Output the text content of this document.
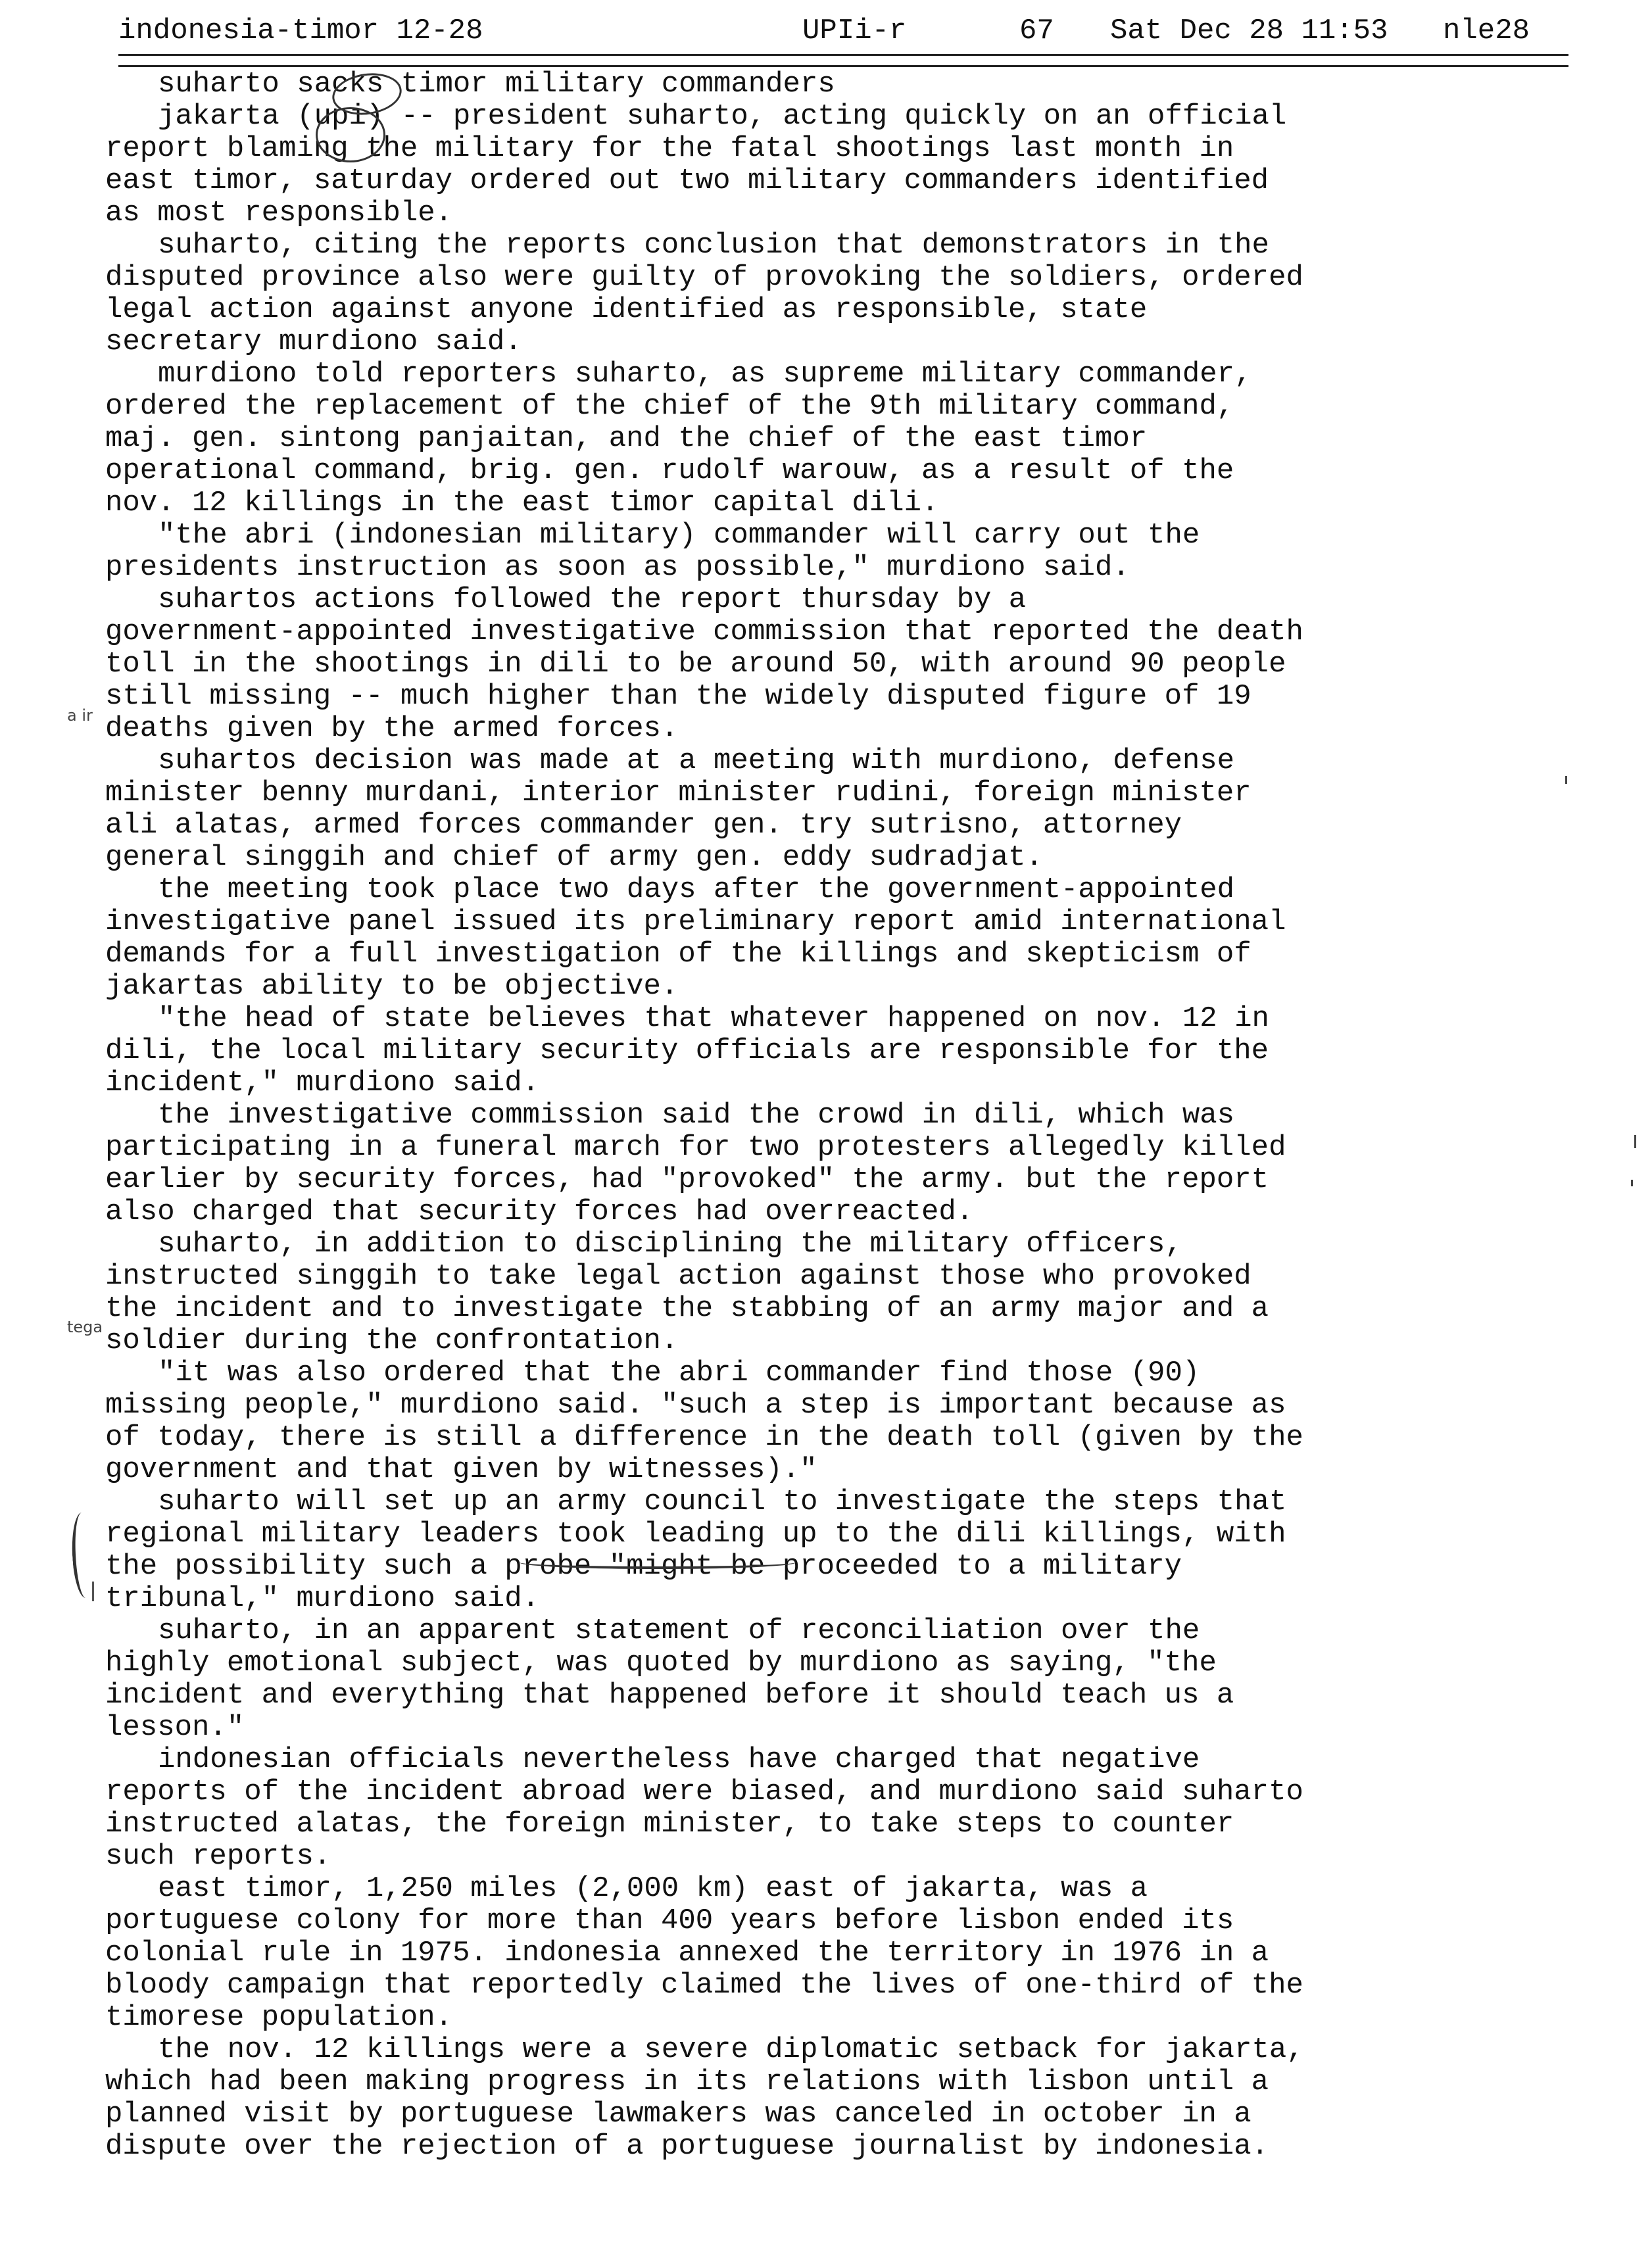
indonesia-timor 12-28

	UPIi-r

	67

Sat Dec 28 11:53

nle28

suharto sacks timor military commanders
jakarta (upi) -- president suharto, acting quickly on an official
report blaming the military for the fatal shootings last month in
east timor, saturday ordered out two military commanders identified
as most responsible.
suharto, citing the reports conclusion that demonstrators in the
disputed province also were guilty of provoking the soldiers, ordered
legal action against anyone identified as responsible, state
secretary murdiono said.
murdiono told reporters suharto, as supreme military commander,
ordered the replacement of the chief of the 9th military command,
maj. gen. sintong panjaitan, and the chief of the east timor
operational command, brig. gen. rudolf warouw, as a result of the
nov. 12 killings in the east timor capital dili.
"the abri (indonesian military) commander will carry out the
presidents instruction as soon as possible," murdiono said.
suhartos actions followed the report thursday by a
government-appointed investigative commission that reported the death
toll in the shootings in dili to be around 50, with around 90 people
still missing -- much higher than the widely disputed figure of 19
deaths given by the armed forces.
suhartos decision was made at a meeting with murdiono, defense
minister benny murdani, interior minister rudini, foreign minister
ali alatas, armed forces commander gen. try sutrisno, attorney
general singgih and chief of army gen. eddy sudradjat.
the meeting took place two days after the government-appointed
investigative panel issued its preliminary report amid international
demands for a full investigation of the killings and skepticism of
jakartas ability to be objective.
"the head of state believes that whatever happened on nov. 12 in
dili, the local military security officials are responsible for the
incident," murdiono said.
the investigative commission said the crowd in dili, which was
participating in a funeral march for two protesters allegedly killed
earlier by security forces, had "provoked" the army. but the report
also charged that security forces had overreacted.
suharto, in addition to disciplining the military officers,
instructed singgih to take legal action against those who provoked
the incident and to investigate the stabbing of an army major and a
soldier during the confrontation.
"it was also ordered that the abri commander find those (90)
missing people," murdiono said. "such a step is important because as
of today, there is still a difference in the death toll (given by the
government and that given by witnesses)."
suharto will set up an army council to investigate the steps that
regional military leaders took leading up to the dili killings, with
the possibility such a probe "might be proceeded to a military
tribunal," murdiono said.
suharto, in an apparent statement of reconciliation over the
highly emotional subject, was quoted by murdiono as saying, "the
incident and everything that happened before it should teach us a
lesson."
indonesian officials nevertheless have charged that negative
reports of the incident abroad were biased, and murdiono said suharto
instructed alatas, the foreign minister, to take steps to counter
such reports.
east timor, 1,250 miles (2,000 km) east of jakarta, was a
portuguese colony for more than 400 years before lisbon ended its
colonial rule in 1975. indonesia annexed the territory in 1976 in a
bloody campaign that reportedly claimed the lives of one-third of the
timorese population.
the nov. 12 killings were a severe diplomatic setback for jakarta,
which had been making progress in its relations with lisbon until a
planned visit by portuguese lawmakers was canceled in october in a
dispute over the rejection of a portuguese journalist by indonesia.
a ir
tega
